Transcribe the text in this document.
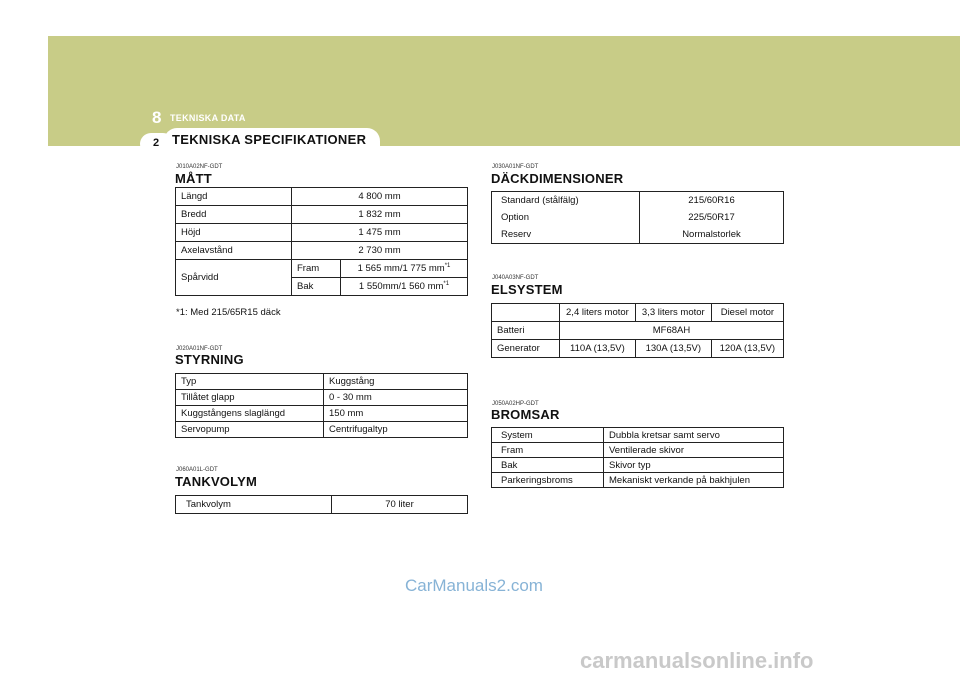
8 TEKNISKA DATA
2 TEKNISKA SPECIFIKATIONER
J010A02NF-GDT
MÅTT
Längd	4 800 mm	
Bredd	1 832 mm	
Höjd	1 475 mm	
Axelavstånd	2 730 mm	
Spårvidd	Fram	1 565 mm/1 775 $mm^{*1}$
	Bak	1 550mm/1 560 $mm^{*1}$
*1: Med 215/65R15 däck
J020A01NF-GDT
STYRNING
Typ	Kuggstång
Tillåtet glapp	0 - 30 mm
Kuggstångens slaglängd	150 mm
Servopump	Centrifugaltyp
J060A01L-GDT
TANKVOLYM
Tankvolym	70 liter
J030A01NF-GDT
DÄCKDIMENSIONER
Standard (stålfälg)	215/60R16
Option	225/50R17
Reserv	Normalstorlek
J040A03NF-GDT
ELSYSTEM
	2,4 liters motor	3,3 liters motor	Diesel motor
Batteri	MF68AH		
Generator	110A (13,5V)	130A (13,5V)	120A (13,5V)
J050A02HP-GDT
BROMSAR
System	Dubbla kretsar samt servo
Fram	Ventilerade skivor
Bak	Skivor typ
Parkeringsbroms	Mekaniskt verkande på bakhjulen
CarManuals2.com
carmanualsonline.info
